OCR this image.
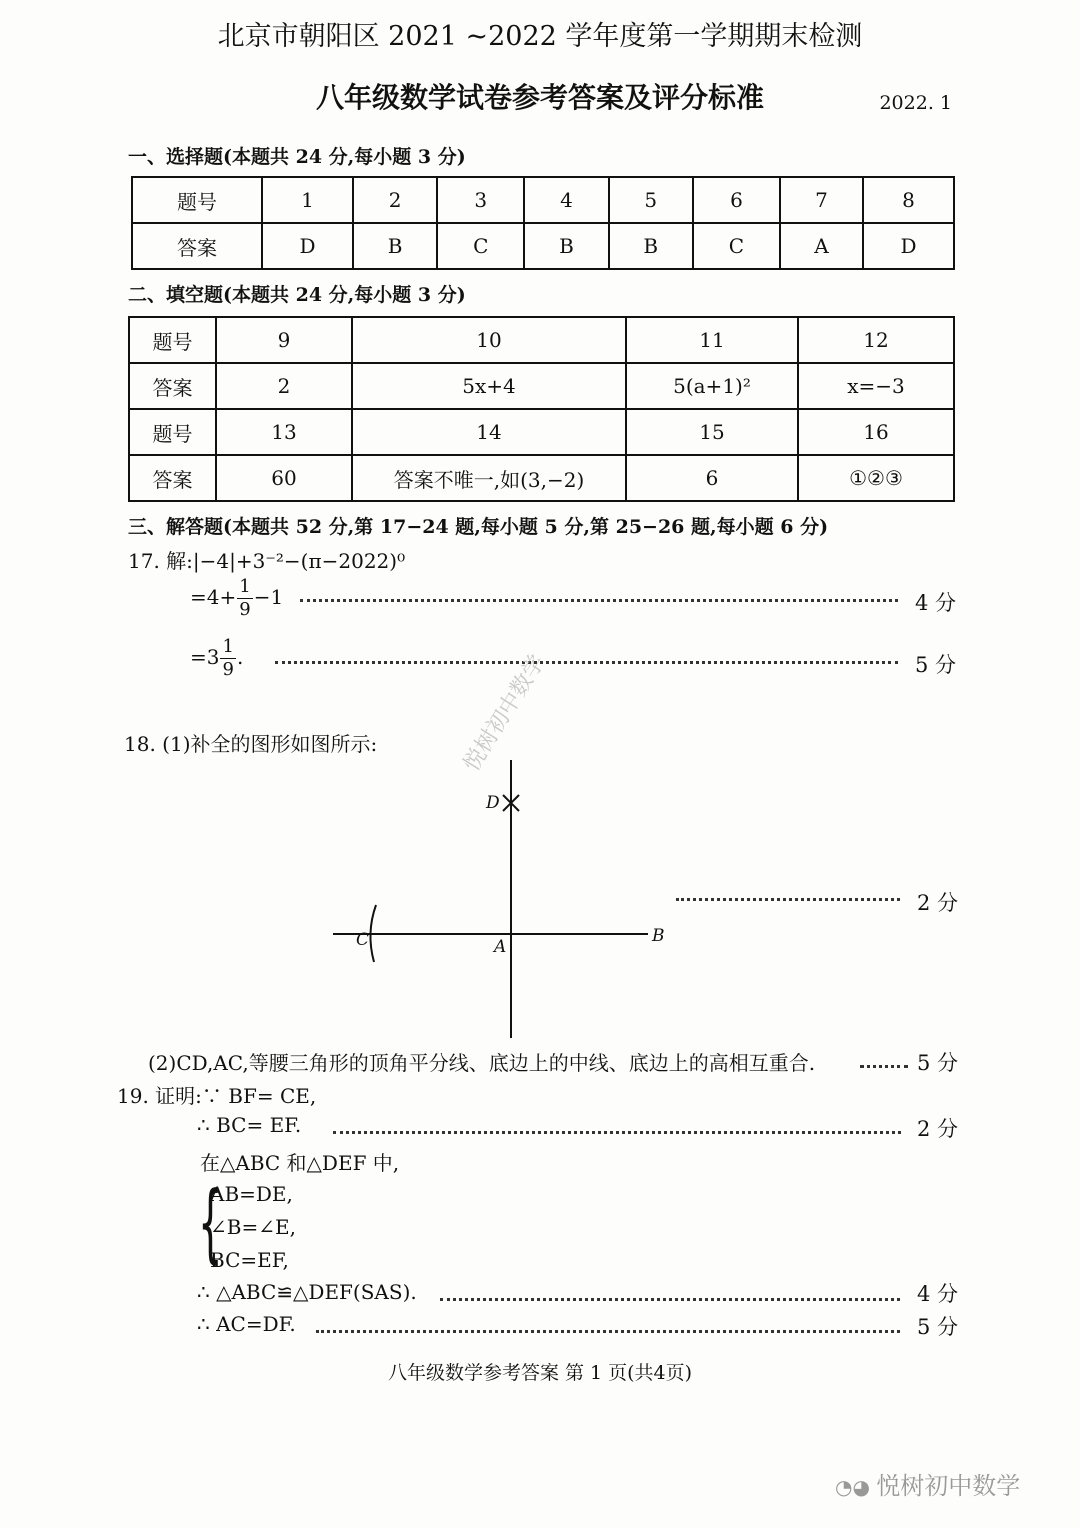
北京市朝阳区 2021 ~2022 学年度第一学期期末检测
八年级数学试卷参考答案及评分标准	2022. 1
一、选择题(本题共 24 分,每小题 3 分)
题号	1	2	3	4	5	6	7	8
答案	D	B	C	B	B	C	A	D
二、填空题(本题共 24 分,每小题 3 分)
题号	9	10	11	12
答案	2	5x+4	5(a+1)²	x=−3
题号	13	14	15	16
答案	60	答案不唯一,如(3,−2)	6	①②③
三、解答题(本题共 52 分,第 17−24 题,每小题 5 分,第 25−26 题,每小题 6 分)
17. 解:|−4|+3⁻²−(π−2022)⁰
$=4+ \frac{1}{9} -1$	4 分
$=3 \frac{1}{9}$ .	5 分
18. (1)补全的图形如图所示:
D
C	A
B
2 分
(2)CD,AC,等腰三角形的顶角平分线、底边上的中线、底边上的高相互重合.	5 分
19. 证明:∵ BF= CE,
∴ BC= EF.	2 分
在△ABC 和△DEF 中,
{
AB=DE,
∠B=∠E,
BC=EF,
∴ △ABC≌△DEF(SAS).	4 分
∴ AC=DF.	5 分
八年级数学参考答案 第 1 页(共4页)
悦树初中数学
◔◕ 悦树初中数学
